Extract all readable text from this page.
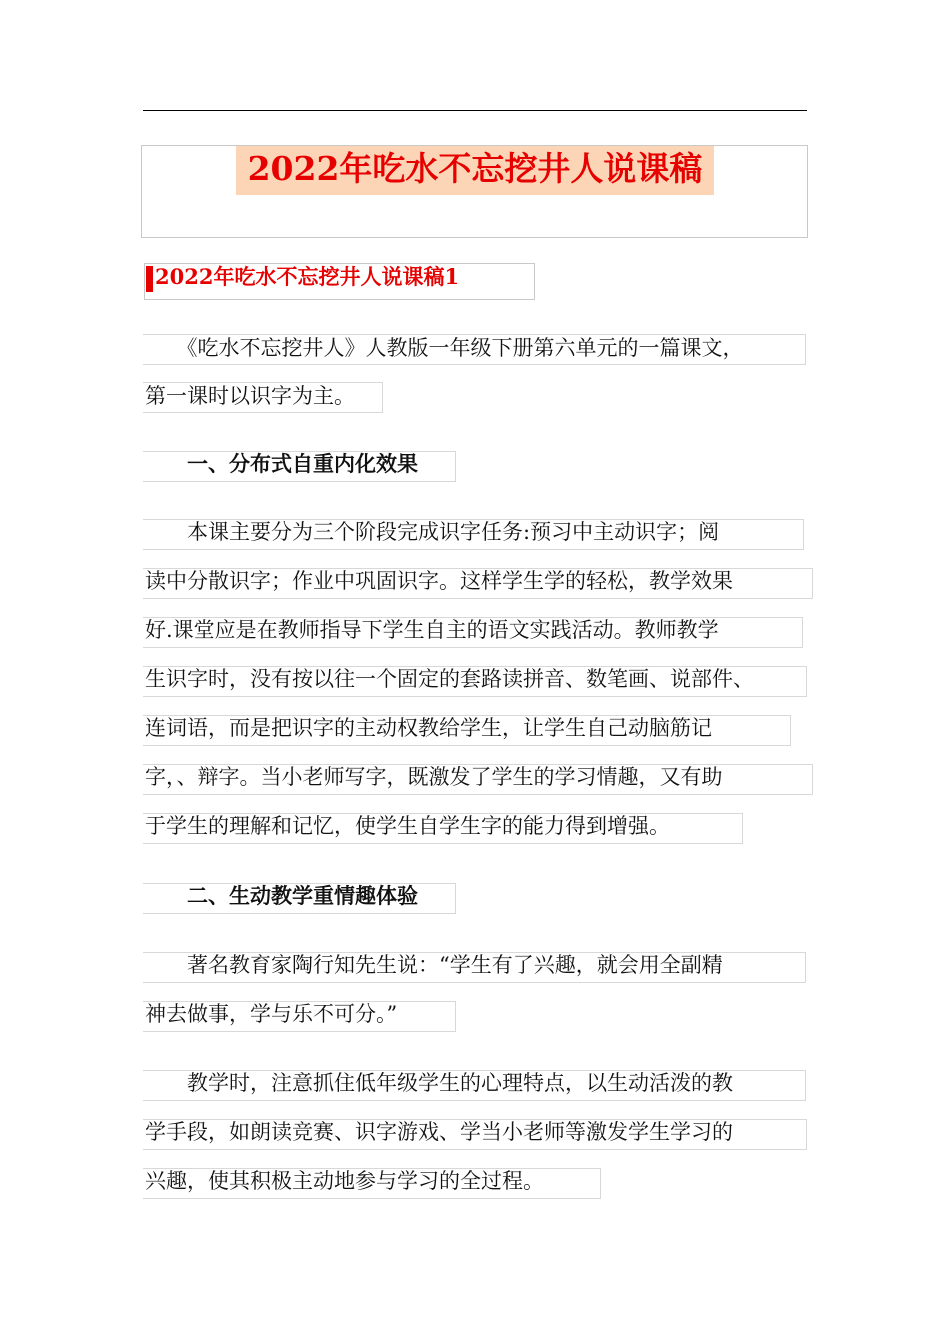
2022年吃水不忘挖井人说课稿
2022年吃水不忘挖井人说课稿1
　　《吃水不忘挖井人》人教版一年级下册第六单元的一篇课文，
第一课时以识字为主。
　　一、分布式自重内化效果
　　本课主要分为三个阶段完成识字任务:预习中主动识字；阅
读中分散识字；作业中巩固识字。这样学生学的轻松，教学效果
好.课堂应是在教师指导下学生自主的语文实践活动。教师教学
生识字时，没有按以往一个固定的套路读拼音、数笔画、说部件、
连词语，而是把识字的主动权教给学生，让学生自己动脑筋记
字，、辩字。当小老师写字，既激发了学生的学习情趣，又有助
于学生的理解和记忆，使学生自学生字的能力得到增强。
　　二、生动教学重情趣体验
　　著名教育家陶行知先生说：“学生有了兴趣，就会用全副精
神去做事，学与乐不可分。”
　　教学时，注意抓住低年级学生的心理特点，以生动活泼的教
学手段，如朗读竞赛、识字游戏、学当小老师等激发学生学习的
兴趣，使其积极主动地参与学习的全过程。
